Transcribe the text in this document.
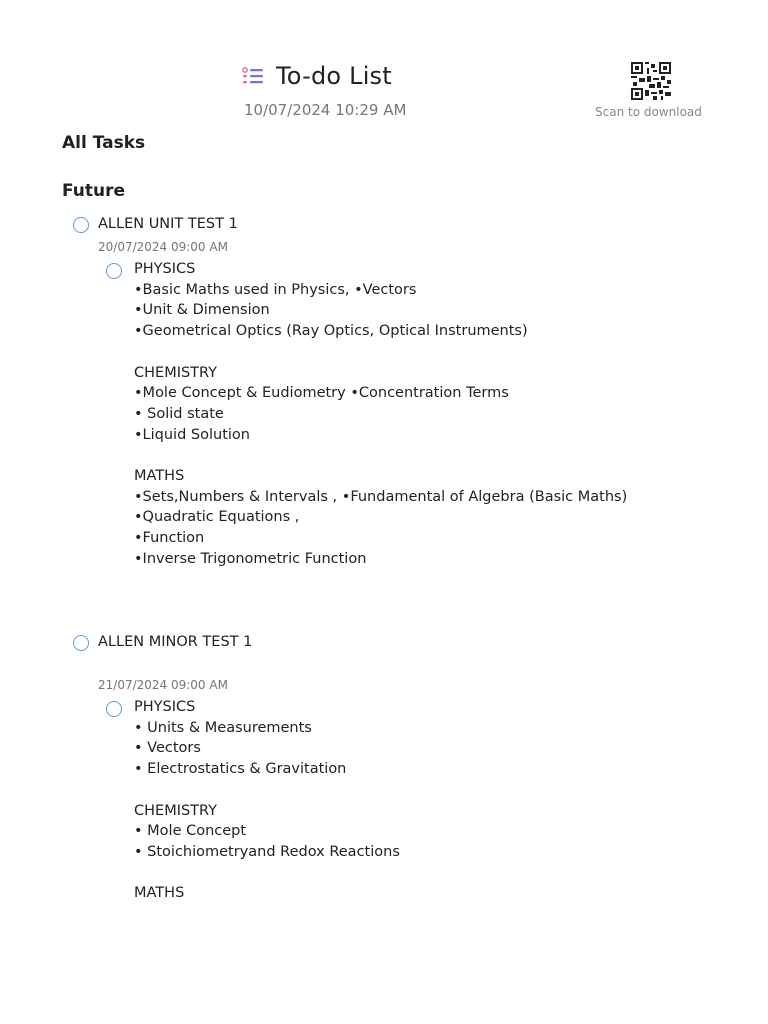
To-do List
10/07/2024 10:29 AM	Scan to download
All Tasks
Future
ALLEN UNIT TEST 1
20/07/2024 09:00 AM
PHYSICS
•Basic Maths used in Physics, •Vectors
•Unit & Dimension
•Geometrical Optics (Ray Optics, Optical Instruments)
CHEMISTRY
•Mole Concept & Eudiometry •Concentration Terms
• Solid state
•Liquid Solution
MATHS
•Sets,Numbers & Intervals , •Fundamental of Algebra (Basic Maths)
•Quadratic Equations ,
•Function
•Inverse Trigonometric Function
ALLEN MINOR TEST 1
21/07/2024 09:00 AM
PHYSICS
• Units & Measurements
• Vectors
• Electrostatics & Gravitation
CHEMISTRY
• Mole Concept
• Stoichiometryand Redox Reactions
MATHS
